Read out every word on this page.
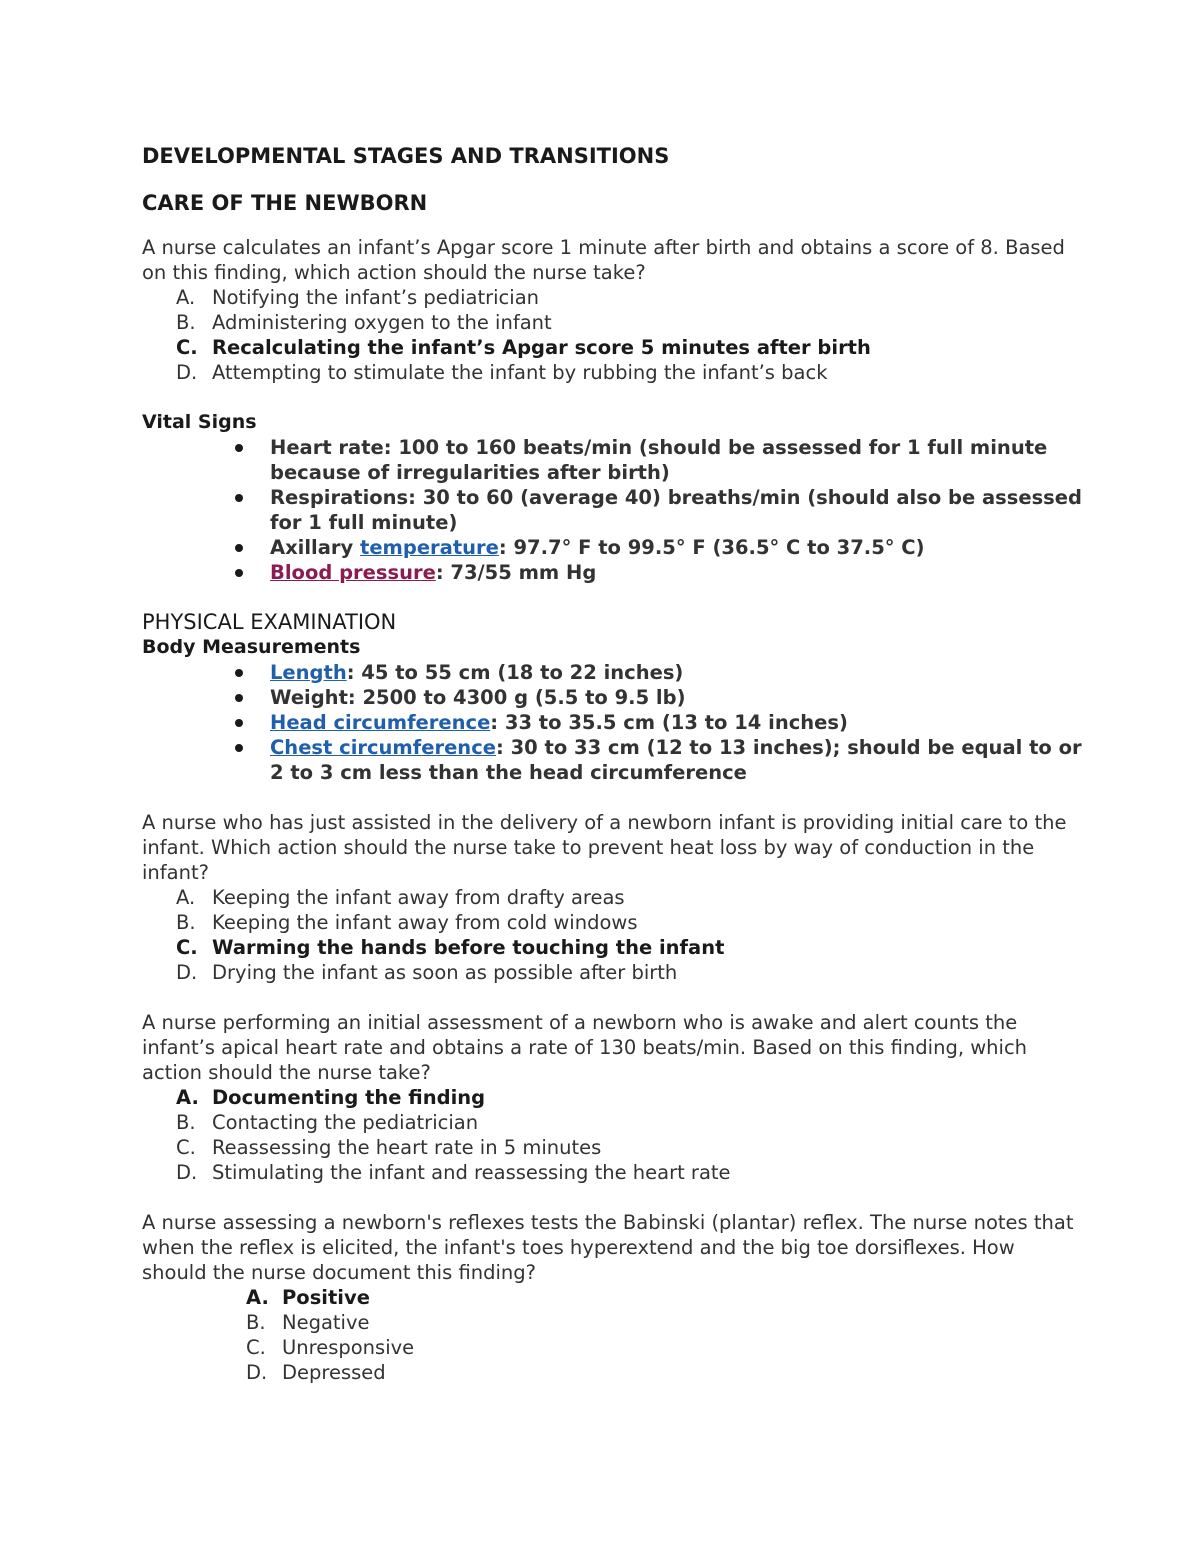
DEVELOPMENTAL STAGES AND TRANSITIONS
CARE OF THE NEWBORN

A nurse calculates an infant’s Apgar score 1 minute after birth and obtains a score of 8. Based on this finding, which action should the nurse take?

A. Notifying the infant’s pediatrician
B. Administering oxygen to the infant
C. Recalculating the infant’s Apgar score 5 minutes after birth
D. Attempting to stimulate the infant by rubbing the infant’s back
Vital Signs
Heart rate: 100 to 160 beats/min (should be assessed for 1 full minute because of irregularities after birth)
Respirations: 30 to 60 (average 40) breaths/min (should also be assessed for 1 full minute)
Axillary temperature: 97.7° F to 99.5° F (36.5° C to 37.5° C)
Blood pressure: 73/55 mm Hg
PHYSICAL EXAMINATION
Body Measurements
Length: 45 to 55 cm (18 to 22 inches)
Weight: 2500 to 4300 g (5.5 to 9.5 lb)
Head circumference: 33 to 35.5 cm (13 to 14 inches)
Chest circumference: 30 to 33 cm (12 to 13 inches); should be equal to or 2 to 3 cm less than the head circumference

A nurse who has just assisted in the delivery of a newborn infant is providing initial care to the infant. Which action should the nurse take to prevent heat loss by way of conduction in the infant?

A. Keeping the infant away from drafty areas
B. Keeping the infant away from cold windows
C. Warming the hands before touching the infant
D. Drying the infant as soon as possible after birth

A nurse performing an initial assessment of a newborn who is awake and alert counts the infant’s apical heart rate and obtains a rate of 130 beats/min. Based on this finding, which action should the nurse take?

A. Documenting the finding
B. Contacting the pediatrician
C. Reassessing the heart rate in 5 minutes
D. Stimulating the infant and reassessing the heart rate

A nurse assessing a newborn's reflexes tests the Babinski (plantar) reflex. The nurse notes that when the reflex is elicited, the infant's toes hyperextend and the big toe dorsiflexes. How should the nurse document this finding?

A. Positive
B. Negative
C. Unresponsive
D. Depressed
